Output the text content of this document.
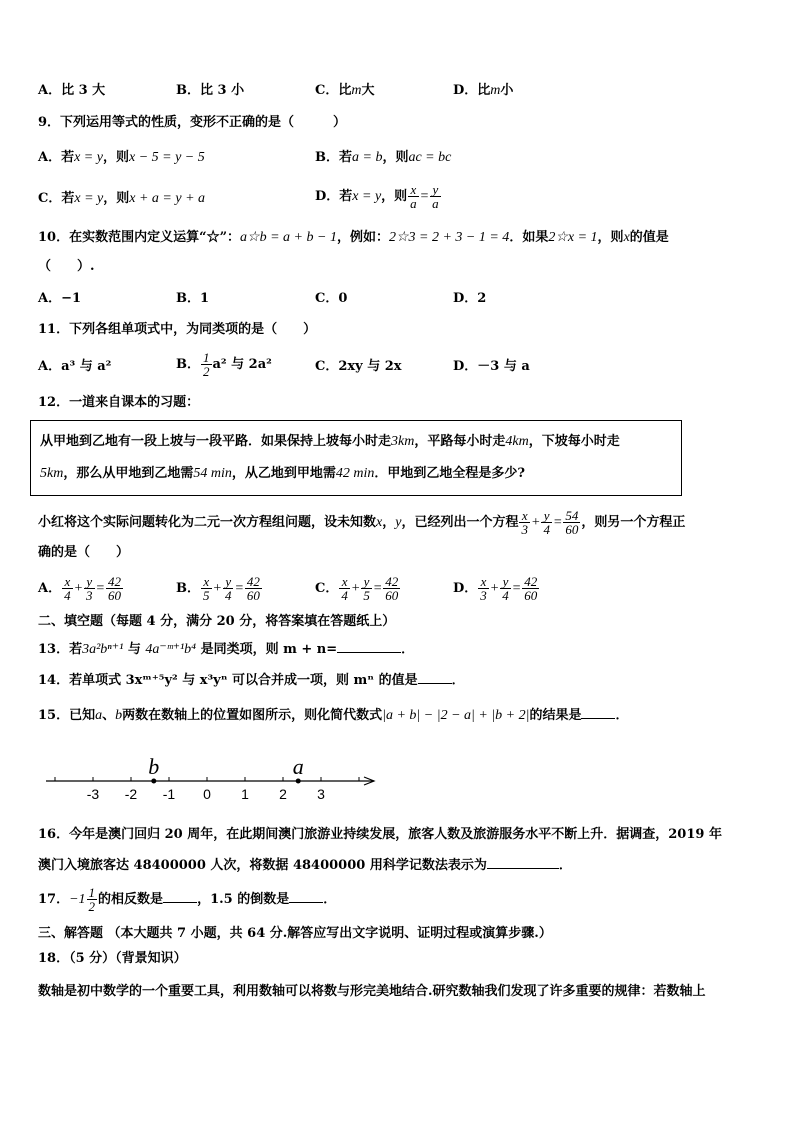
A．比 3 大	B．比 3 小	C．比m大	D．比m小
9．下列运用等式的性质，变形不正确的是（　　　）
A．若x = y，则x − 5 = y − 5	B．若a = b，则ac = bc
C．若x = y，则x + a = y + a	D．若x = y，则 $\frac{x}{a} = \frac{y}{a}$
10．在实数范围内定义运算“☆”：a☆b = a + b − 1，例如：2☆3 = 2 + 3 − 1 = 4．如果2☆x = 1，则x的值是
（　　）.
A．−1	B．1	C．0	D．2
11．下列各组单项式中，为同类项的是（　　）
A．a³ 与 a²	B． $\frac{1}{2} a^2$ 与 2a²	C．2xy 与 2x	D．－3 与 a
12．一道来自课本的习题：
从甲地到乙地有一段上坡与一段平路．如果保持上坡每小时走3km，平路每小时走4km，下坡每小时走
5km，那么从甲地到乙地需54 min，从乙地到甲地需42 min．甲地到乙地全程是多少?
小红将这个实际问题转化为二元一次方程组问题，设未知数x，y，已经列出一个方程 $\frac{x}{3} + \frac{y}{4} = \frac{54}{60}$ ，则另一个方程正
确的是（　　）
A． $\frac{x}{4} + \frac{y}{3} = \frac{42}{60}$	B． $\frac{x}{5} + \frac{y}{4} = \frac{42}{60}$	C． $\frac{x}{4} + \frac{y}{5} = \frac{42}{60}$	D． $\frac{x}{3} + \frac{y}{4} = \frac{42}{60}$
二、填空题（每题 4 分，满分 20 分，将答案填在答题纸上）
13．若3a²bⁿ⁺¹ 与 4a⁻ᵐ⁺¹b⁴ 是同类项，则 m + n=	．
14．若单项式 3xᵐ⁺⁵y² 与 x³yⁿ 可以合并成一项，则 mⁿ 的值是	．
15．已知a、b两数在数轴上的位置如图所示，则化简代数式|a + b| − |2 − a| + |b + 2|的结果是	．
-3 -2 -1 0 1 2 3
b	a
16．今年是澳门回归 20 周年，在此期间澳门旅游业持续发展，旅客人数及旅游服务水平不断上升．据调查，2019 年
澳门入境旅客达 48400000 人次，将数据 48400000 用科学记数法表示为	．
17．$-1 \frac{1}{2}$ 的相反数是	，1.5 的倒数是	．
三、解答题 （本大题共 7 小题，共 64 分.解答应写出文字说明、证明过程或演算步骤.）
18．（5 分）（背景知识）
数轴是初中数学的一个重要工具，利用数轴可以将数与形完美地结合.研究数轴我们发现了许多重要的规律：若数轴上
